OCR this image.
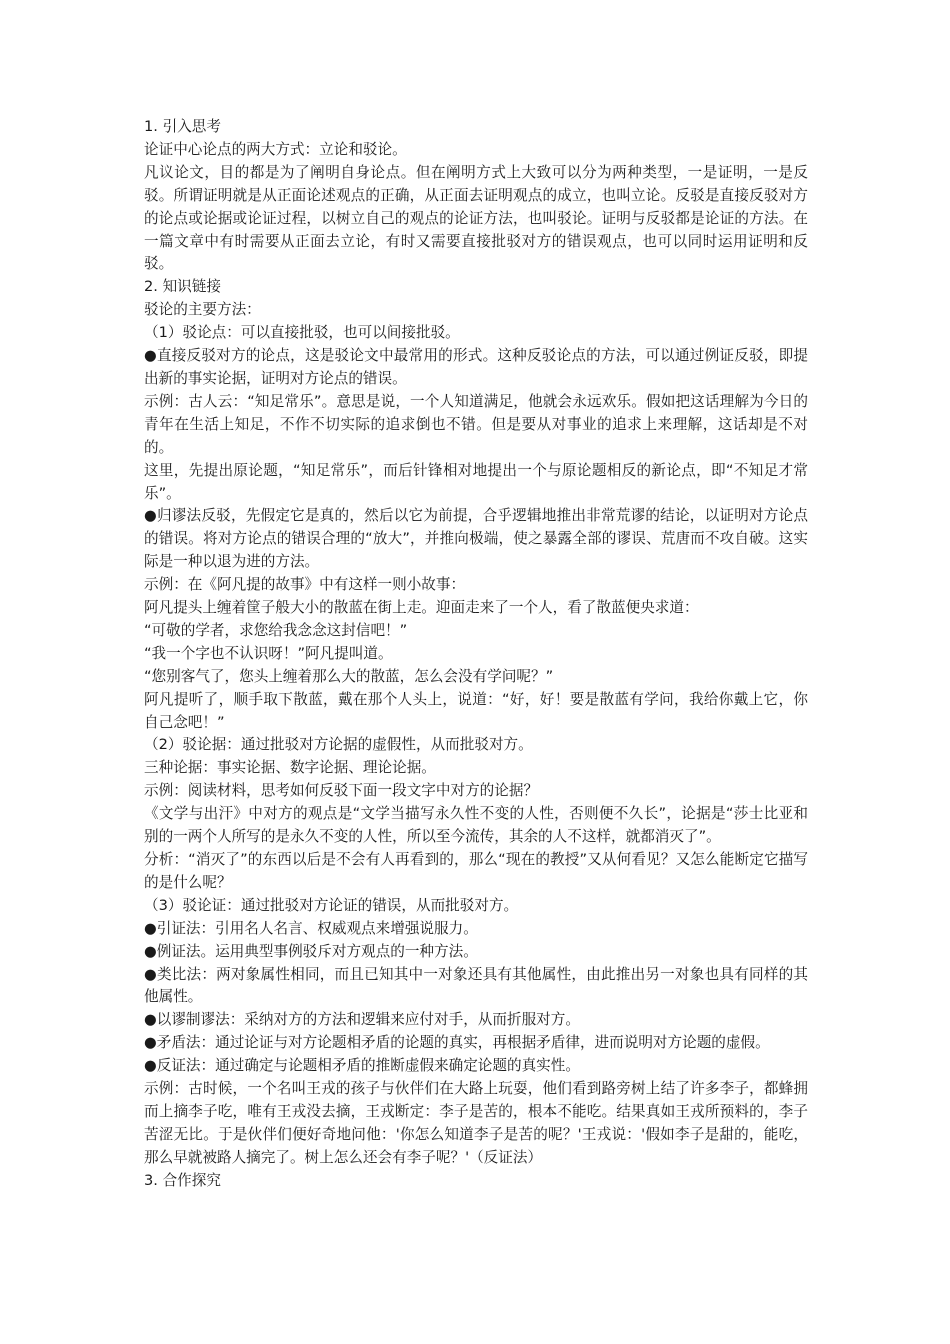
1. 引入思考

论证中心论点的两大方式：立论和驳论。

凡议论文，目的都是为了阐明自身论点。但在阐明方式上大致可以分为两种类型，一是证明，一是反驳。所谓证明就是从正面论述观点的正确，从正面去证明观点的成立，也叫立论。反驳是直接反驳对方的论点或论据或论证过程，以树立自己的观点的论证方法，也叫驳论。证明与反驳都是论证的方法。在一篇文章中有时需要从正面去立论，有时又需要直接批驳对方的错误观点，也可以同时运用证明和反驳。

2. 知识链接

驳论的主要方法：

（1）驳论点：可以直接批驳，也可以间接批驳。

●直接反驳对方的论点，这是驳论文中最常用的形式。这种反驳论点的方法，可以通过例证反驳，即提出新的事实论据，证明对方论点的错误。

示例：古人云：“知足常乐”。意思是说，一个人知道满足，他就会永远欢乐。假如把这话理解为今日的青年在生活上知足，不作不切实际的追求倒也不错。但是要从对事业的追求上来理解，这话却是不对的。

这里，先提出原论题，“知足常乐”，而后针锋相对地提出一个与原论题相反的新论点，即“不知足才常乐”。

●归谬法反驳，先假定它是真的，然后以它为前提，合乎逻辑地推出非常荒谬的结论，以证明对方论点的错误。将对方论点的错误合理的“放大”，并推向极端，使之暴露全部的谬误、荒唐而不攻自破。这实际是一种以退为进的方法。

示例：在《阿凡提的故事》中有这样一则小故事：

阿凡提头上缠着筐子般大小的散蓝在街上走。迎面走来了一个人，看了散蓝便央求道：

“可敬的学者，求您给我念念这封信吧！”

“我一个字也不认识呀！”阿凡提叫道。

“您别客气了，您头上缠着那么大的散蓝，怎么会没有学问呢？”

阿凡提听了，顺手取下散蓝，戴在那个人头上，说道：“好，好！要是散蓝有学问，我给你戴上它，你自己念吧！”

（2）驳论据：通过批驳对方论据的虚假性，从而批驳对方。

三种论据：事实论据、数字论据、理论论据。

示例：阅读材料，思考如何反驳下面一段文字中对方的论据？

《文学与出汗》中对方的观点是“文学当描写永久性不变的人性，否则便不久长”，论据是“莎士比亚和别的一两个人所写的是永久不变的人性，所以至今流传，其余的人不这样，就都消灭了”。

分析：“消灭了”的东西以后是不会有人再看到的，那么“现在的教授”又从何看见？又怎么能断定它描写的是什么呢？

（3）驳论证：通过批驳对方论证的错误，从而批驳对方。

●引证法：引用名人名言、权威观点来增强说服力。

●例证法。运用典型事例驳斥对方观点的一种方法。

●类比法：两对象属性相同，而且已知其中一对象还具有其他属性，由此推出另一对象也具有同样的其他属性。

●以谬制谬法：采纳对方的方法和逻辑来应付对手，从而折服对方。

●矛盾法：通过论证与对方论题相矛盾的论题的真实，再根据矛盾律，进而说明对方论题的虚假。

●反证法：通过确定与论题相矛盾的推断虚假来确定论题的真实性。

示例：古时候，一个名叫王戎的孩子与伙伴们在大路上玩耍，他们看到路旁树上结了许多李子，都蜂拥而上摘李子吃，唯有王戎没去摘，王戎断定：李子是苦的，根本不能吃。结果真如王戎所预料的，李子苦涩无比。于是伙伴们便好奇地问他：'你怎么知道李子是苦的呢？'王戎说：'假如李子是甜的，能吃，那么早就被路人摘完了。树上怎么还会有李子呢？'（反证法）

3. 合作探究
